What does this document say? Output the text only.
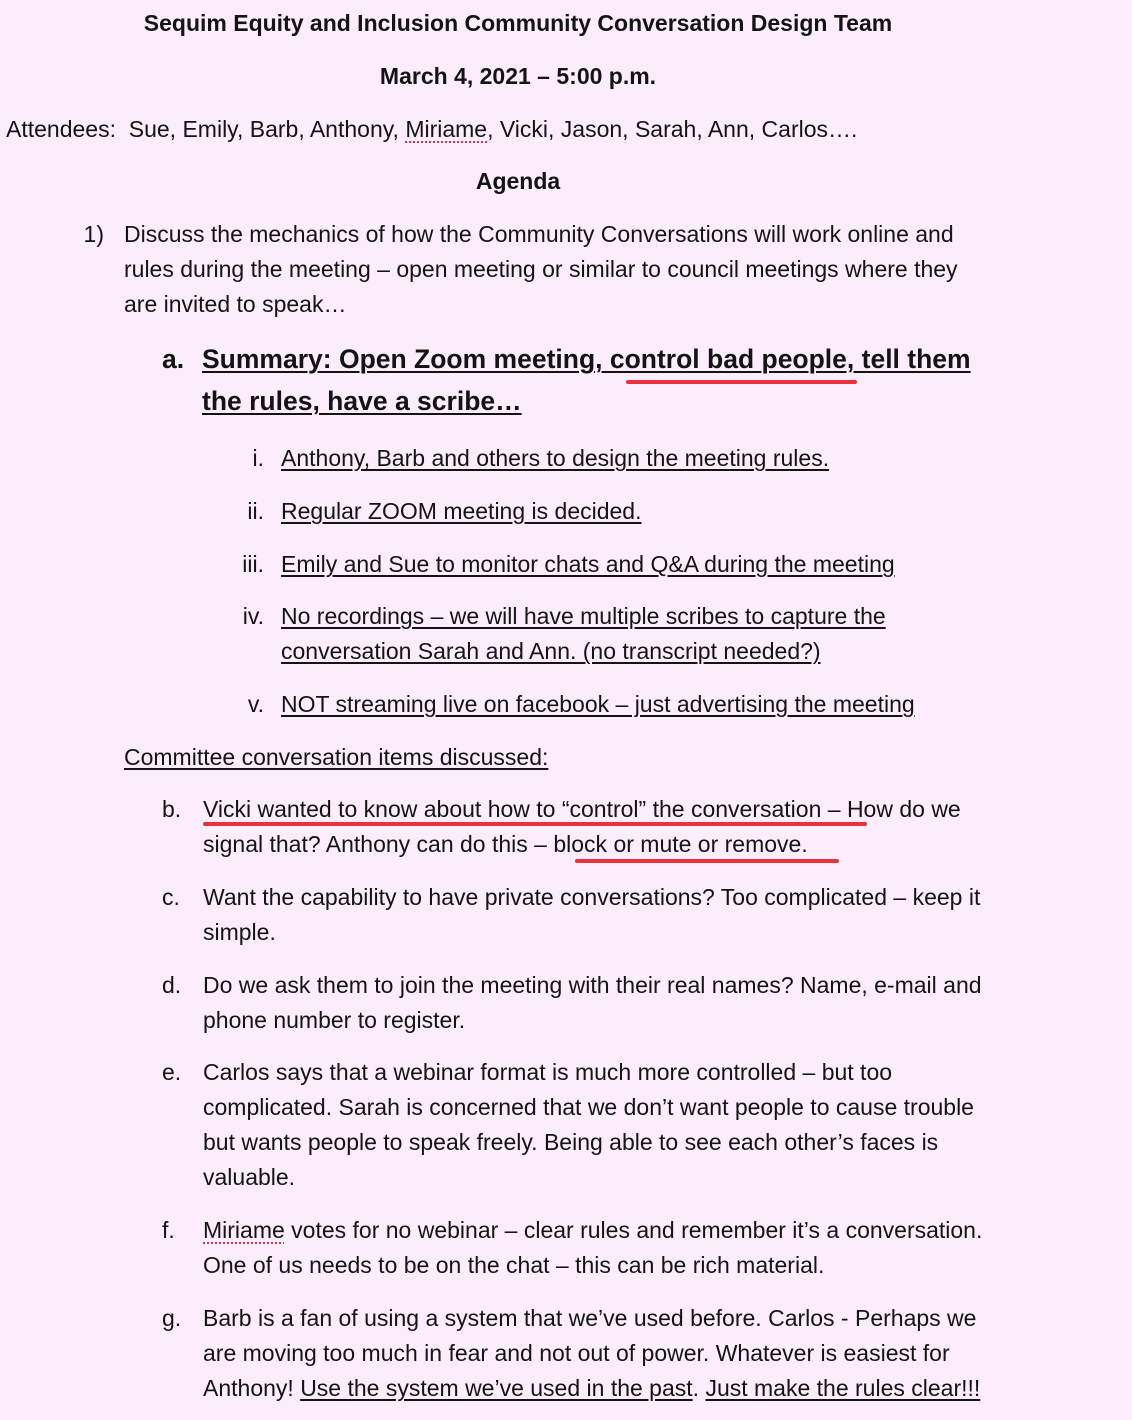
Sequim Equity and Inclusion Community Conversation Design Team
March 4, 2021 – 5:00 p.m.
Attendees: Sue, Emily, Barb, Anthony, Miriame, Vicki, Jason, Sarah, Ann, Carlos….
Agenda
1) Discuss the mechanics of how the Community Conversations will work online and
rules during the meeting – open meeting or similar to council meetings where they
are invited to speak…
a. Summary: Open Zoom meeting, control bad people, tell them
the rules, have a scribe…
i. Anthony, Barb and others to design the meeting rules.
ii. Regular ZOOM meeting is decided.
iii. Emily and Sue to monitor chats and Q&A during the meeting
iv. No recordings – we will have multiple scribes to capture the
conversation Sarah and Ann. (no transcript needed?)
v. NOT streaming live on facebook – just advertising the meeting
Committee conversation items discussed:
b. Vicki wanted to know about how to “control” the conversation – How do we
signal that? Anthony can do this – block or mute or remove.
c. Want the capability to have private conversations? Too complicated – keep it
simple.
d. Do we ask them to join the meeting with their real names? Name, e-mail and
phone number to register.
e. Carlos says that a webinar format is much more controlled – but too
complicated. Sarah is concerned that we don’t want people to cause trouble
but wants people to speak freely. Being able to see each other’s faces is
valuable.
f. Miriame votes for no webinar – clear rules and remember it’s a conversation.
One of us needs to be on the chat – this can be rich material.
g. Barb is a fan of using a system that we’ve used before. Carlos - Perhaps we
are moving too much in fear and not out of power. Whatever is easiest for
Anthony! Use the system we’ve used in the past. Just make the rules clear!!!
